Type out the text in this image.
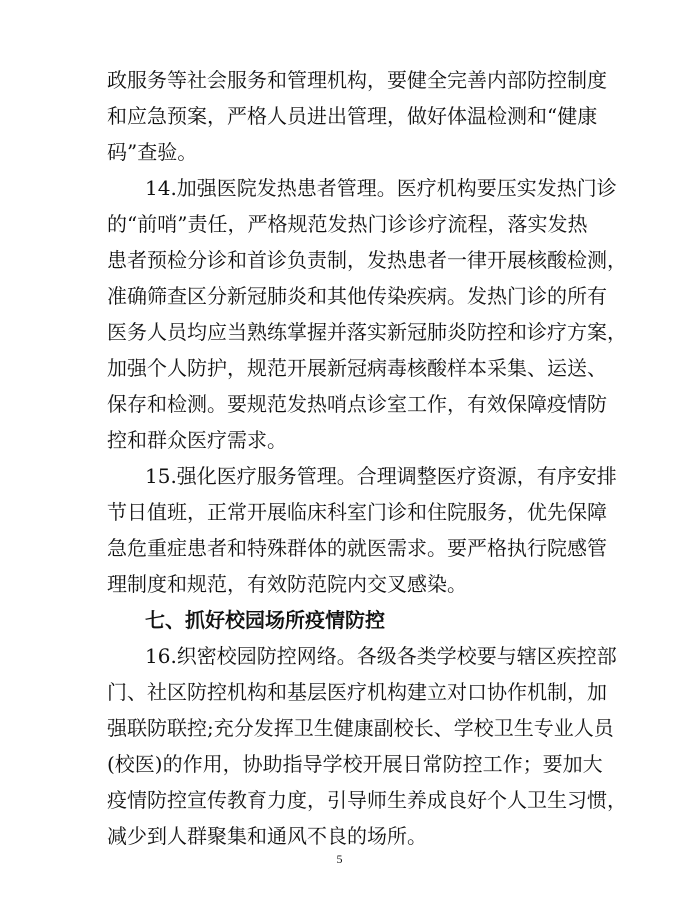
政服务等社会服务和管理机构，要健全完善内部防控制度
和应急预案，严格人员进出管理，做好体温检测和“健康
码”查验。
14.加强医院发热患者管理。医疗机构要压实发热门诊
的“前哨”责任，严格规范发热门诊诊疗流程，落实发热
患者预检分诊和首诊负责制，发热患者一律开展核酸检测，
准确筛查区分新冠肺炎和其他传染疾病。发热门诊的所有
医务人员均应当熟练掌握并落实新冠肺炎防控和诊疗方案，
加强个人防护，规范开展新冠病毒核酸样本采集、运送、
保存和检测。要规范发热哨点诊室工作，有效保障疫情防
控和群众医疗需求。
15.强化医疗服务管理。合理调整医疗资源，有序安排
节日值班，正常开展临床科室门诊和住院服务，优先保障
急危重症患者和特殊群体的就医需求。要严格执行院感管
理制度和规范，有效防范院内交叉感染。
七、抓好校园场所疫情防控
16.织密校园防控网络。各级各类学校要与辖区疾控部
门、社区防控机构和基层医疗机构建立对口协作机制，加
强联防联控;充分发挥卫生健康副校长、学校卫生专业人员
(校医)的作用，协助指导学校开展日常防控工作；要加大
疫情防控宣传教育力度，引导师生养成良好个人卫生习惯，
减少到人群聚集和通风不良的场所。
5
